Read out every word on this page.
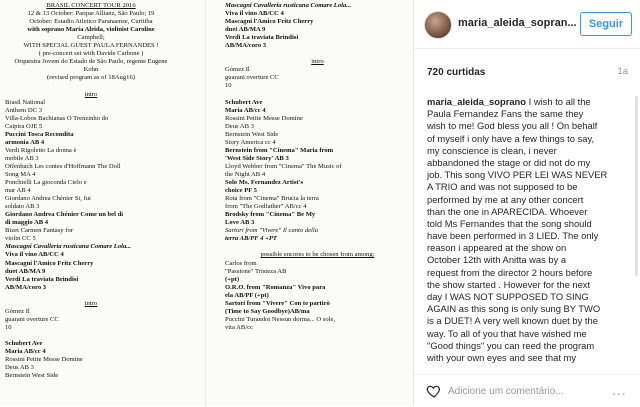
BRASIL CONCERT TOUR 2016
12 & 13 October: Parque Allianz, São Paulo; 19
October: Estadio Atletico Paranaense, Curitiba
with soprano Maria Aleida, violinist Caroline
Campbell;
WITH SPECIAL GUEST PAULA FERNANDES !
( pre-concert set with Davide Carbone )
Orquestra Jovem do Estado de São Paulo, regente Eugene
Kohn
(revised program as of 18Aug16)
intro
Brasil National
Anthem DC 3
Villa-Lobos Bachianas O Trenzinho do
Caipira OJE 5
Puccini Tosca Recondita
armonia AB 4
Verdi Rigoletto La donna è
mobile AB 3
Offenbach Les contes d'Hoffmann The Doll
Song MA 4
Ponchielli La gioconda Cielo e
mar AB 4
Giordano Andrea Chénier Si, fui
soldato AB 3
Giordano Andrea Chénier Come un bel dì
di maggio AB 4
Bizet Carmen Fantasy for
violin CC 5
Mascagni Cavalleria rusticana Comare Lola...
Viva il vino AB/CC 4
Mascagni l'Amico Fritz Cherry
duet AB/MA 9
Verdi La traviata Brindisi
AB/MA/coro 3
intro
Gómez Il
guarani overture CC
10
Schubert Ave
Maria AB/cc 4
Rossini Petite Messe Domine
Deus AB 3
Bernstein West Side
Mascagni Cavalleria rusticana Comare Lola...
Viva il vino AB/CC 4
Mascagni l'Amico Fritz Cherry
duet AB/MA 9
Verdi La traviata Brindisi
AB/MA/coro 3
intro
Gómez Il
guarani overture CC
10
Schubert Ave
Maria AB/cc 4
Rossini Petite Messe Domine
Deus AB 3
Bernstein West Side
Story America cc 4
Bernstein from "Cinema" Maria from
'West Side Story' AB 3
Lloyd Webber from "Cinema" The Music of
the Night AB 4
Solo Ms. Fernandez Artist's
choice PF 5
Rota from "Cinema" Brucia la terra
from "The Godfather" AB/cc 4
Brodsky from "Cinema" Be My
Love AB 3
Sartori from "Vivere" Il canto della
terra AB/PF 4 +PT
possible encores to be chosen from among:
Carlos from
"Passione" Tristeza AB
(+pt)
O.R.O. from "Romanza" Vivo para
ela AB/PF (+pt)
Sartori from "Vivere" Con te partirò
(Time to Say Goodbye)AB/ma
Puccini Turandot Nessun dorma... O sole,
vita AB/cc
maria_aleida_sopran...	Seguir
720 curtidas	1a
maria_aleida_soprano I wish to all the
Paula Fernandez Fans the same they
wish to me! God bless you all ! On behalf
of myself i only have a few things to say,
my conscience is clean, i never
abbandoned the stage or did not do my
job. This song VIVO PER LEI WAS NEVER
A TRIO and was not supposed to be
performed by me at any other concert
than the one in APARECIDA. Whoever
told Ms Fernandes that the song should
have been performed in 3 LIED. The only
reason i appeared at the show on
October 12th with Anitta was by a
request from the director 2 hours before
the show started . However for the next
day I WAS NOT SUPPOSED TO SING
AGAIN as this song is only sung BY TWO
is a DUET! A very well known duet by the
way. To all of you that have wished me
"Good things" you can reed the program
with your own eyes and see that my
Adicione um comentário...
...
